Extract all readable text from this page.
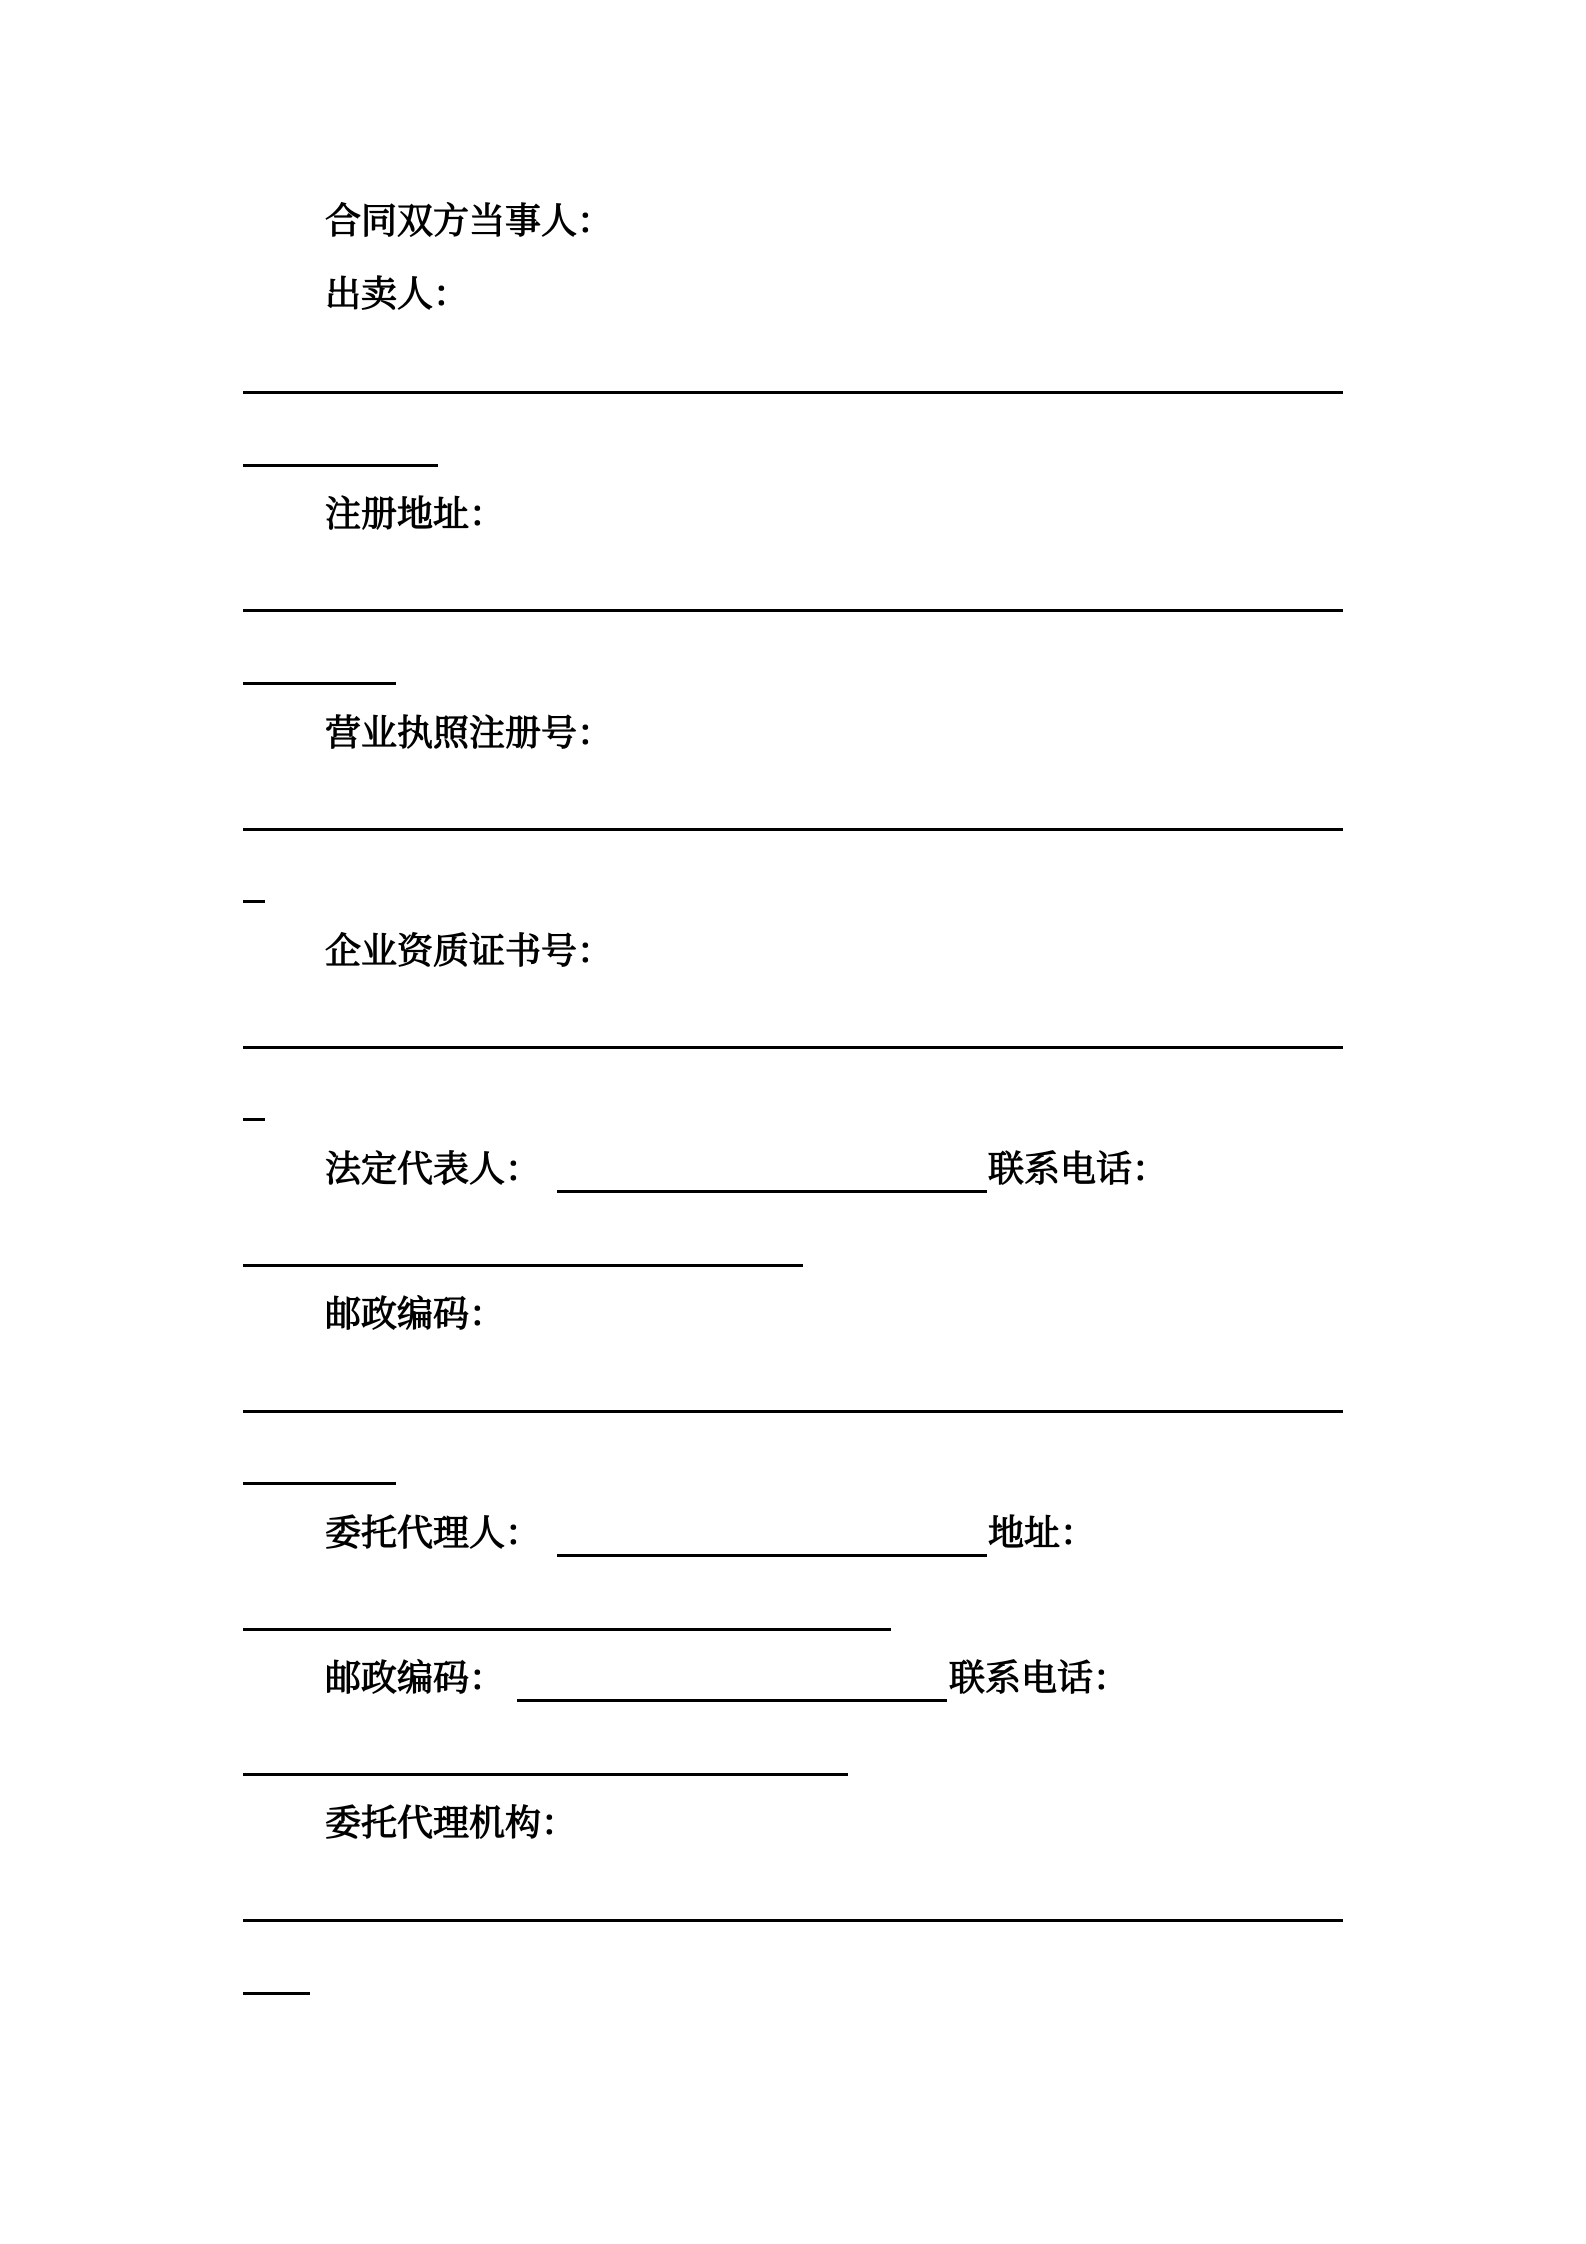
合同双方当事人：
出卖人：
注册地址：
营业执照注册号：
企业资质证书号：
法定代表人：	联系电话：
邮政编码：
委托代理人：	地址：
邮政编码：	联系电话：
委托代理机构：
